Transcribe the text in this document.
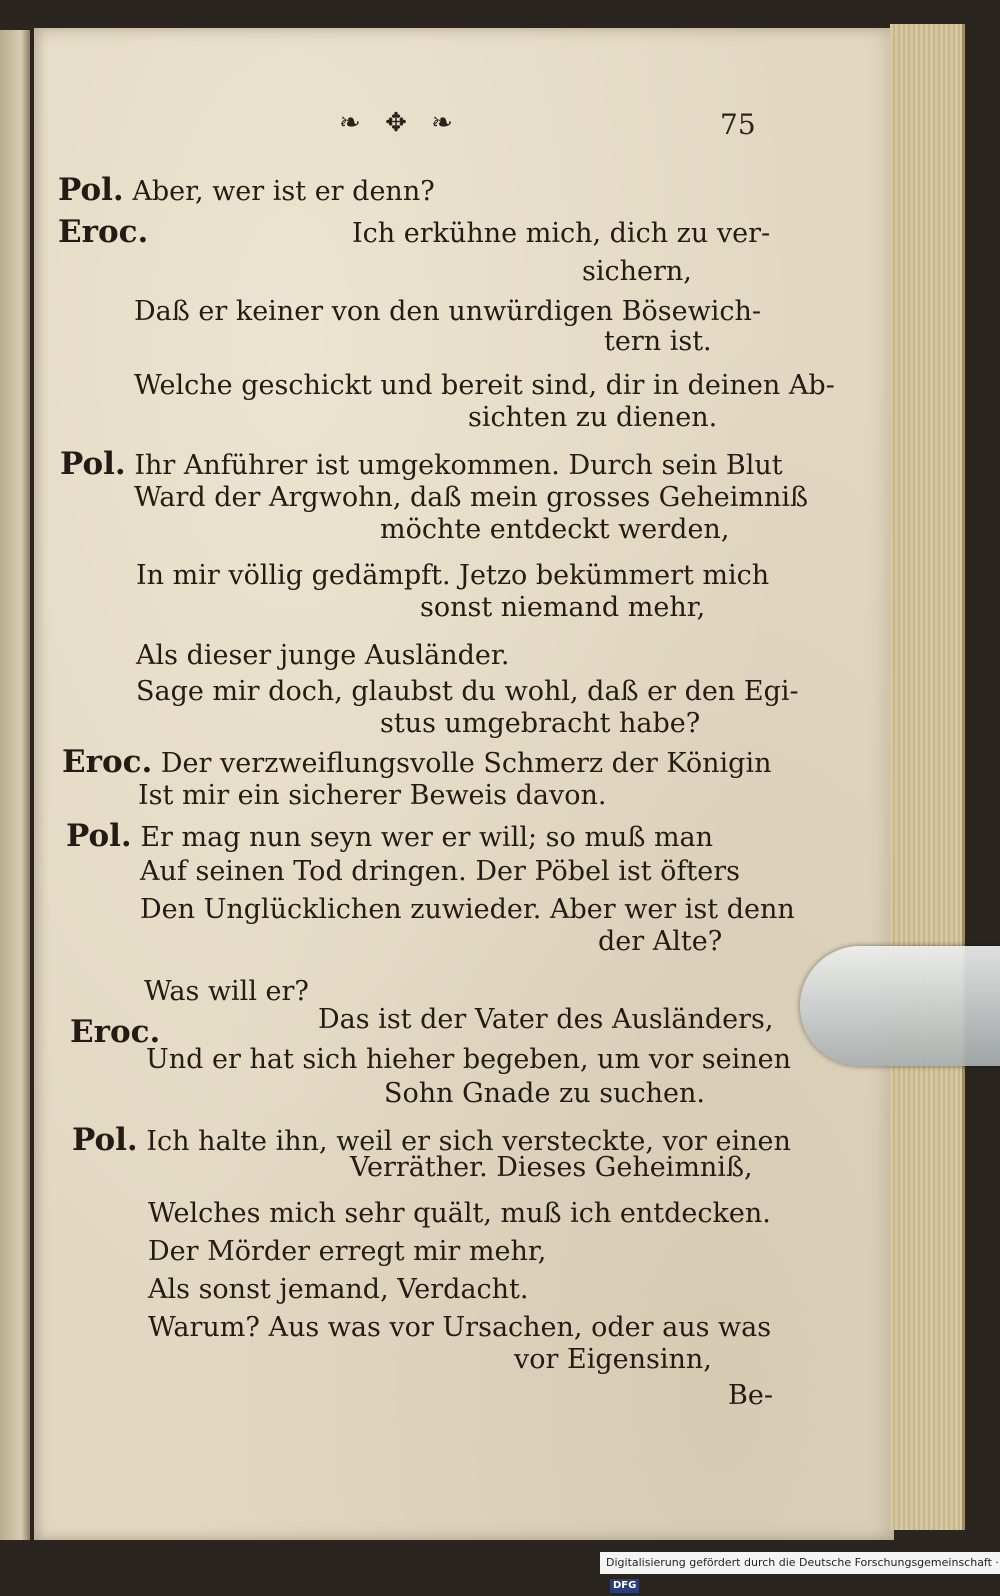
❧ ✥ ❧	75
Pol. Aber, wer ist er denn?
Eroc.	Ich erkühne mich, dich zu ver-
sichern,
Daß er keiner von den unwürdigen Bösewich-
tern ist.
Welche geschickt und bereit sind, dir in deinen Ab-
sichten zu dienen.
Pol. Ihr Anführer ist umgekommen. Durch sein Blut
Ward der Argwohn, daß mein grosses Geheimniß
möchte entdeckt werden,
In mir völlig gedämpft. Jetzo bekümmert mich
sonst niemand mehr,
Als dieser junge Ausländer.
Sage mir doch, glaubst du wohl, daß er den Egi-
stus umgebracht habe?
Eroc. Der verzweiflungsvolle Schmerz der Königin
Ist mir ein sicherer Beweis davon.
Pol. Er mag nun seyn wer er will; so muß man
Auf seinen Tod dringen. Der Pöbel ist öfters
Den Unglücklichen zuwieder. Aber wer ist denn
der Alte?
Was will er?
Eroc.	Das ist der Vater des Ausländers,
Und er hat sich hieher begeben, um vor seinen
Sohn Gnade zu suchen.
Pol. Ich halte ihn, weil er sich versteckte, vor einen
Verräther. Dieses Geheimniß,
Welches mich sehr quält, muß ich entdecken.
Der Mörder erregt mir mehr,
Als sonst jemand, Verdacht.
Warum? Aus was vor Ursachen, oder aus was
vor Eigensinn,
Be-
Digitalisierung gefördert durch die Deutsche Forschungsgemeinschaft ·DFG
